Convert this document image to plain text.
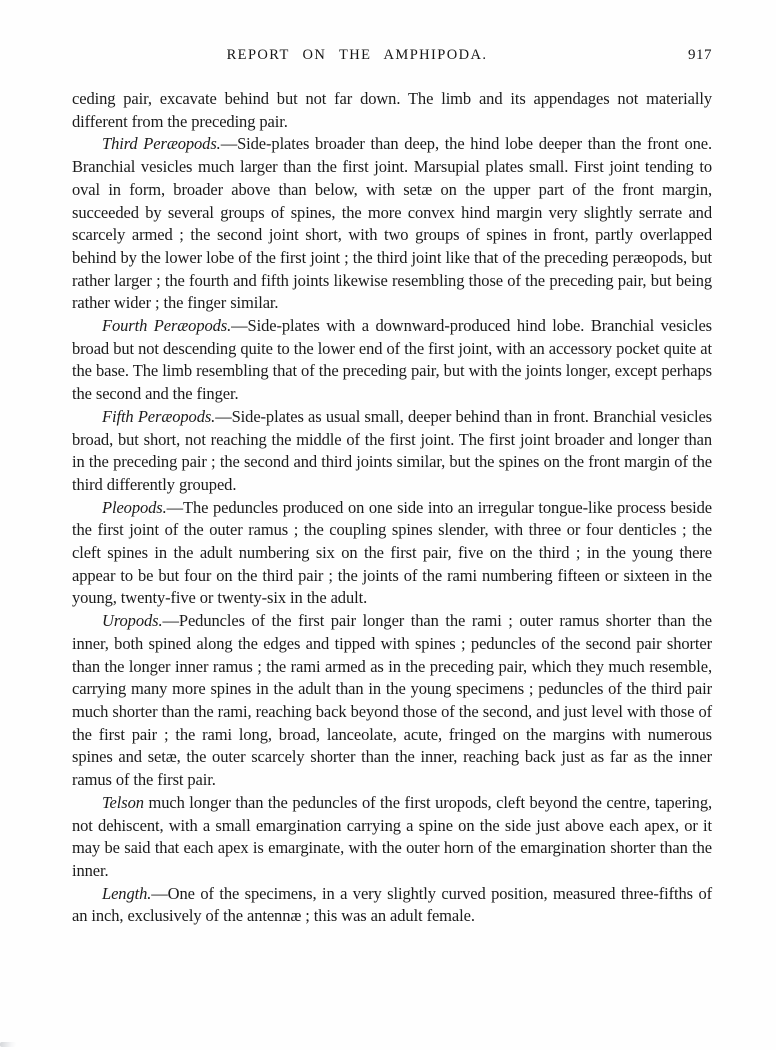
REPORT ON THE AMPHIPODA.	917

ceding pair, excavate behind but not far down. The limb and its appendages not materially different from the preceding pair.

Third Peræopods.—Side-plates broader than deep, the hind lobe deeper than the front one. Branchial vesicles much larger than the first joint. Marsupial plates small. First joint tending to oval in form, broader above than below, with setæ on the upper part of the front margin, succeeded by several groups of spines, the more convex hind margin very slightly serrate and scarcely armed ; the second joint short, with two groups of spines in front, partly overlapped behind by the lower lobe of the first joint ; the third joint like that of the preceding peræopods, but rather larger ; the fourth and fifth joints likewise resembling those of the preceding pair, but being rather wider ; the finger similar.

Fourth Peræopods.—Side-plates with a downward-produced hind lobe. Branchial vesicles broad but not descending quite to the lower end of the first joint, with an accessory pocket quite at the base. The limb resembling that of the preceding pair, but with the joints longer, except perhaps the second and the finger.

Fifth Peræopods.—Side-plates as usual small, deeper behind than in front. Branchial vesicles broad, but short, not reaching the middle of the first joint. The first joint broader and longer than in the preceding pair ; the second and third joints similar, but the spines on the front margin of the third differently grouped.

Pleopods.—The peduncles produced on one side into an irregular tongue-like process beside the first joint of the outer ramus ; the coupling spines slender, with three or four denticles ; the cleft spines in the adult numbering six on the first pair, five on the third ; in the young there appear to be but four on the third pair ; the joints of the rami numbering fifteen or sixteen in the young, twenty-five or twenty-six in the adult.

Uropods.—Peduncles of the first pair longer than the rami ; outer ramus shorter than the inner, both spined along the edges and tipped with spines ; peduncles of the second pair shorter than the longer inner ramus ; the rami armed as in the preceding pair, which they much resemble, carrying many more spines in the adult than in the young specimens ; peduncles of the third pair much shorter than the rami, reaching back beyond those of the second, and just level with those of the first pair ; the rami long, broad, lanceolate, acute, fringed on the margins with numerous spines and setæ, the outer scarcely shorter than the inner, reaching back just as far as the inner ramus of the first pair.

Telson much longer than the peduncles of the first uropods, cleft beyond the centre, tapering, not dehiscent, with a small emargination carrying a spine on the side just above each apex, or it may be said that each apex is emarginate, with the outer horn of the emargination shorter than the inner.

Length.—One of the specimens, in a very slightly curved position, measured three-fifths of an inch, exclusively of the antennæ ; this was an adult female.
